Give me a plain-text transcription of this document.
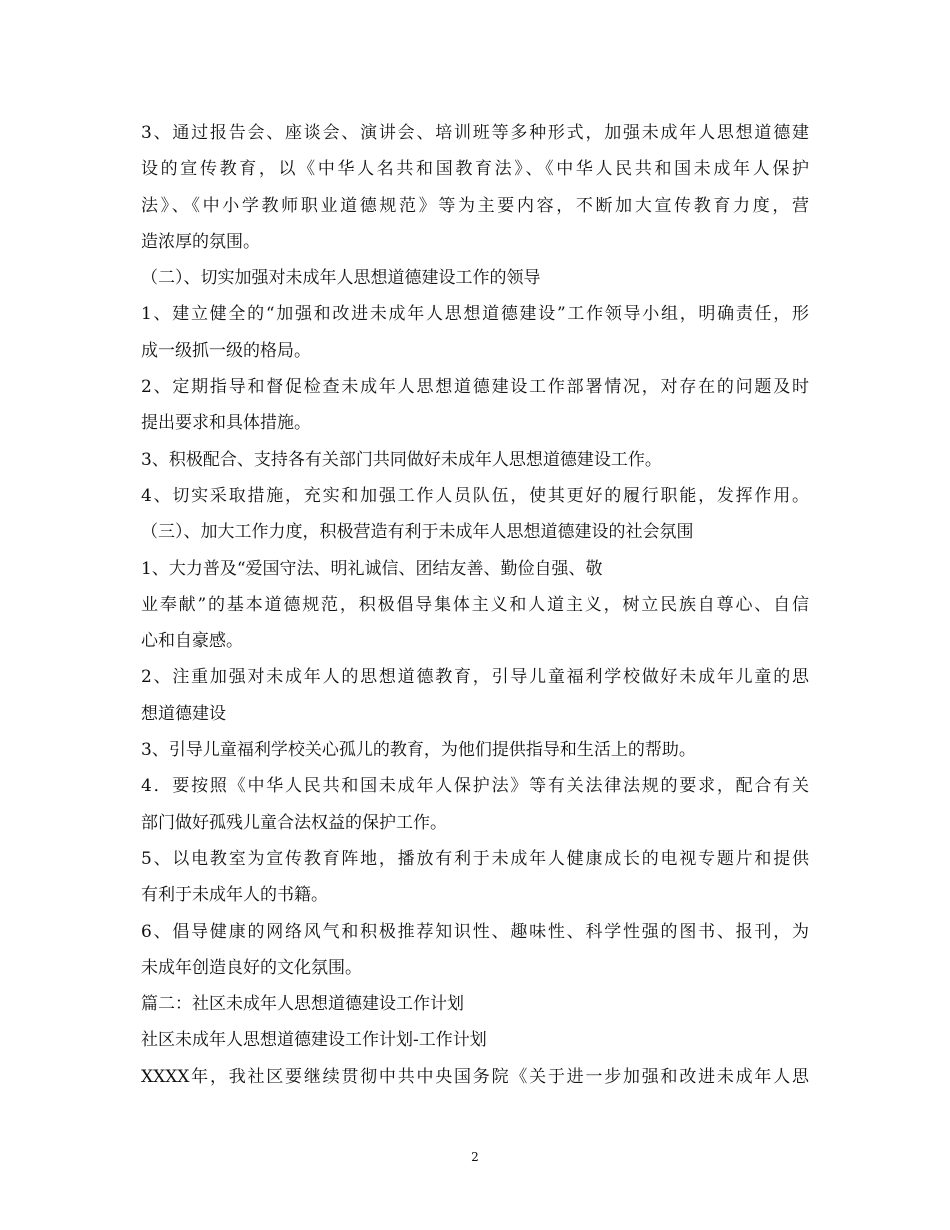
3、通过报告会、座谈会、演讲会、培训班等多种形式，加强未成年人思想道德建
设的宣传教育，以《中华人名共和国教育法》、《中华人民共和国未成年人保护
法》、《中小学教师职业道德规范》等为主要内容，不断加大宣传教育力度，营
造浓厚的氛围。
（二）、切实加强对未成年人思想道德建设工作的领导
1、建立健全的“加强和改进未成年人思想道德建设”工作领导小组，明确责任，形
成一级抓一级的格局。
2、定期指导和督促检查未成年人思想道德建设工作部署情况，对存在的问题及时
提出要求和具体措施。
3、积极配合、支持各有关部门共同做好未成年人思想道德建设工作。
4、切实采取措施，充实和加强工作人员队伍，使其更好的履行职能，发挥作用。
（三）、加大工作力度，积极营造有利于未成年人思想道德建设的社会氛围
1、大力普及“爱国守法、明礼诚信、团结友善、勤俭自强、敬
业奉献”的基本道德规范，积极倡导集体主义和人道主义，树立民族自尊心、自信
心和自豪感。
2、注重加强对未成年人的思想道德教育，引导儿童福利学校做好未成年儿童的思
想道德建设
3、引导儿童福利学校关心孤儿的教育，为他们提供指导和生活上的帮助。
4．要按照《中华人民共和国未成年人保护法》等有关法律法规的要求，配合有关
部门做好孤残儿童合法权益的保护工作。
5、以电教室为宣传教育阵地，播放有利于未成年人健康成长的电视专题片和提供
有利于未成年人的书籍。
6、倡导健康的网络风气和积极推荐知识性、趣味性、科学性强的图书、报刊，为
未成年创造良好的文化氛围。
篇二：社区未成年人思想道德建设工作计划
社区未成年人思想道德建设工作计划-工作计划
XXXX年，我社区要继续贯彻中共中央国务院《关于进一步加强和改进未成年人思
2
